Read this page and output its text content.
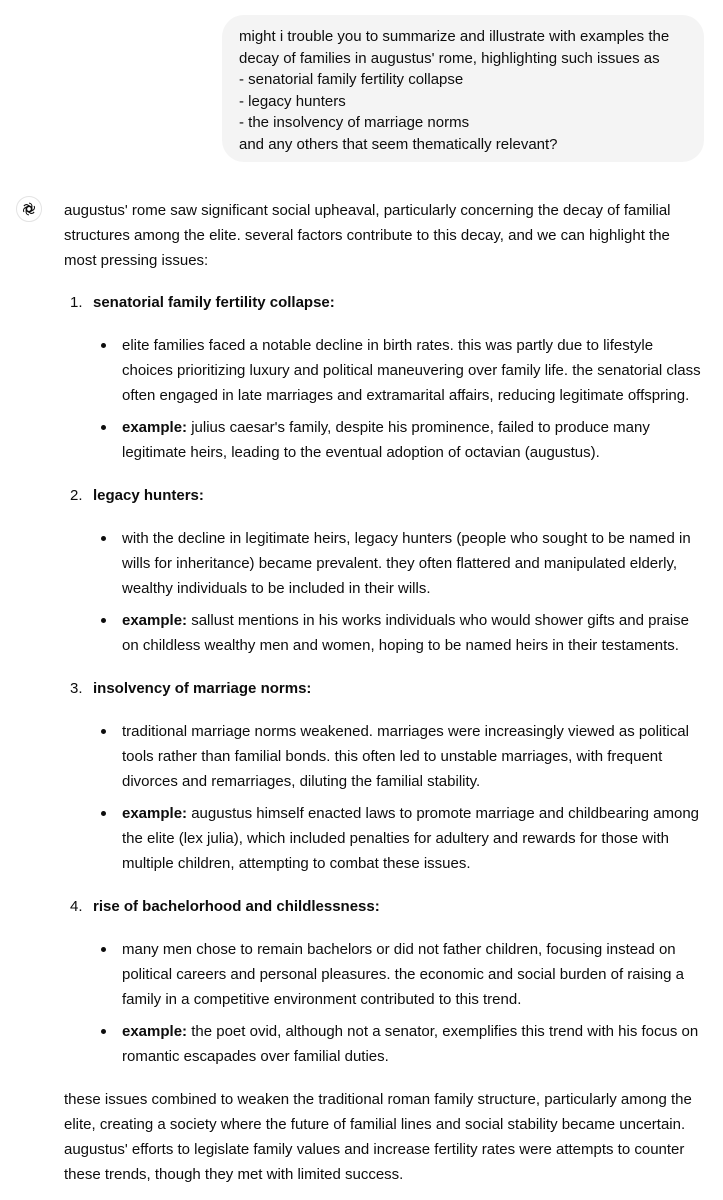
might i trouble you to summarize and illustrate with examples the
decay of families in augustus' rome, highlighting such issues as
- senatorial family fertility collapse
- legacy hunters
- the insolvency of marriage norms
and any others that seem thematically relevant?

augustus' rome saw significant social upheaval, particularly concerning the decay of familial structures among the elite. several factors contribute to this decay, and we can highlight the most pressing issues:

1. senatorial family fertility collapse:
elite families faced a notable decline in birth rates. this was partly due to lifestyle choices prioritizing luxury and political maneuvering over family life. the senatorial class often engaged in late marriages and extramarital affairs, reducing legitimate offspring.
example: julius caesar's family, despite his prominence, failed to produce many legitimate heirs, leading to the eventual adoption of octavian (augustus).
2. legacy hunters:
with the decline in legitimate heirs, legacy hunters (people who sought to be named in wills for inheritance) became prevalent. they often flattered and manipulated elderly, wealthy individuals to be included in their wills.
example: sallust mentions in his works individuals who would shower gifts and praise on childless wealthy men and women, hoping to be named heirs in their testaments.
3. insolvency of marriage norms:
traditional marriage norms weakened. marriages were increasingly viewed as political tools rather than familial bonds. this often led to unstable marriages, with frequent divorces and remarriages, diluting the familial stability.
example: augustus himself enacted laws to promote marriage and childbearing among the elite (lex julia), which included penalties for adultery and rewards for those with multiple children, attempting to combat these issues.
4. rise of bachelorhood and childlessness:
many men chose to remain bachelors or did not father children, focusing instead on political careers and personal pleasures. the economic and social burden of raising a family in a competitive environment contributed to this trend.
example: the poet ovid, although not a senator, exemplifies this trend with his focus on romantic escapades over familial duties.

these issues combined to weaken the traditional roman family structure, particularly among the elite, creating a society where the future of familial lines and social stability became uncertain. augustus' efforts to legislate family values and increase fertility rates were attempts to counter these trends, though they met with limited success.
